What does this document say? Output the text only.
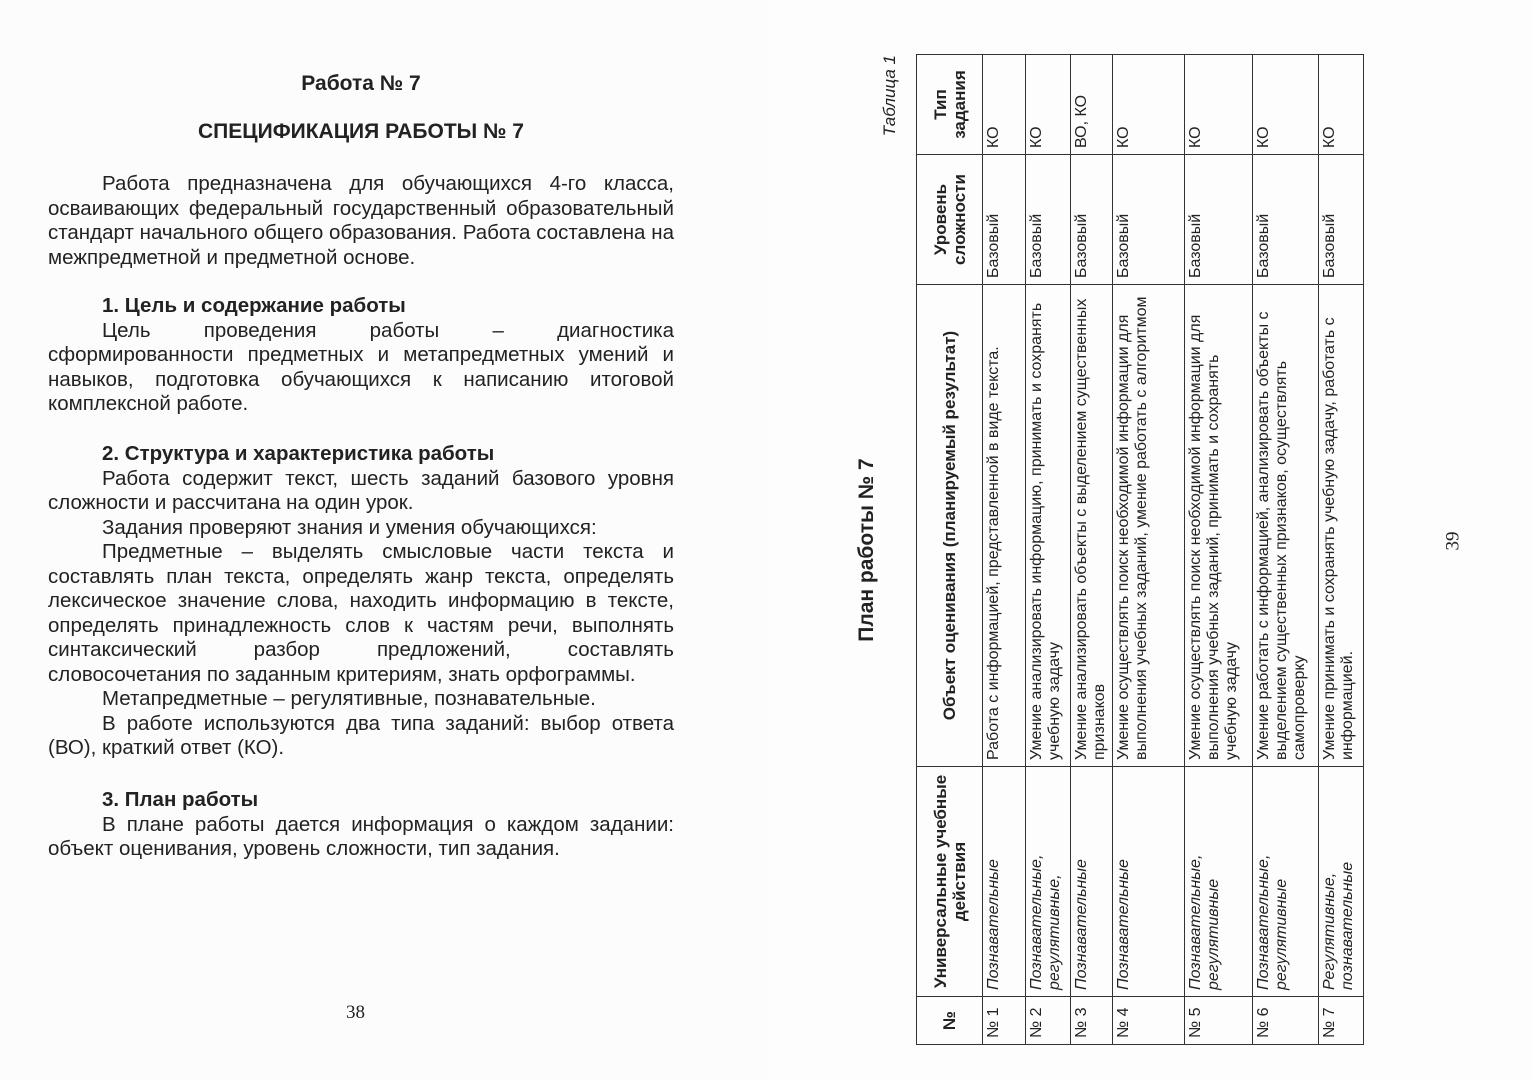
Работа № 7
СПЕЦИФИКАЦИЯ РАБОТЫ № 7

Работа предназначена для обучающихся 4-го класса, осваивающих федеральный государственный образовательный стандарт начального общего образования. Работа составлена на межпредметной и предметной основе.

1. Цель и содержание работы

Цель проведения работы – диагностика сформированности предметных и метапредметных умений и навыков, подготовка обучающихся к написанию итоговой комплексной работе.

2. Структура и характеристика работы

Работа содержит текст, шесть заданий базового уровня сложности и рассчитана на один урок.

Задания проверяют знания и умения обучающихся:

Предметные – выделять смысловые части текста и составлять план текста, определять жанр текста, определять лексическое значение слова, находить информацию в тексте, определять принадлежность слов к частям речи, выполнять синтаксический разбор предложений, составлять словосочетания по заданным критериям, знать орфограммы.

Метапредметные – регулятивные, познавательные.

В работе используются два типа заданий: выбор ответа (ВО), краткий ответ (КО).

3. План работы

В плане работы дается информация о каждом задании: объект оценивания, уровень сложности, тип задания.

38
План работы № 7
Таблица 1
№	Универсальные учебные действия	Объект оценивания (планируемый результат)	Уровень сложности	Тип задания
№ 1	Познавательные	Работа с информацией, представленной в виде текста.	Базовый	КО
№ 2	Познавательные, регулятивные,	Умение анализировать информацию, принимать и сохранять учебную задачу	Базовый	КО
№ 3	Познавательные	Умение анализировать объекты с выделением существенных признаков	Базовый	ВО, КО
№ 4	Познавательные	Умение осуществлять поиск необходимой информации для выполнения учебных заданий, умение работать с алгоритмом	Базовый	КО
№ 5	Познавательные, регулятивные	Умение осуществлять поиск необходимой информации для выполнения учебных заданий, принимать и сохранять учебную задачу	Базовый	КО
№ 6	Познавательные, регулятивные	Умение работать с информацией, анализировать объекты с выделением существенных признаков, осуществлять самопроверку	Базовый	КО
№ 7	Регулятивные, познавательные	Умение принимать и сохранять учебную задачу, работать с информацией.	Базовый	КО
39
